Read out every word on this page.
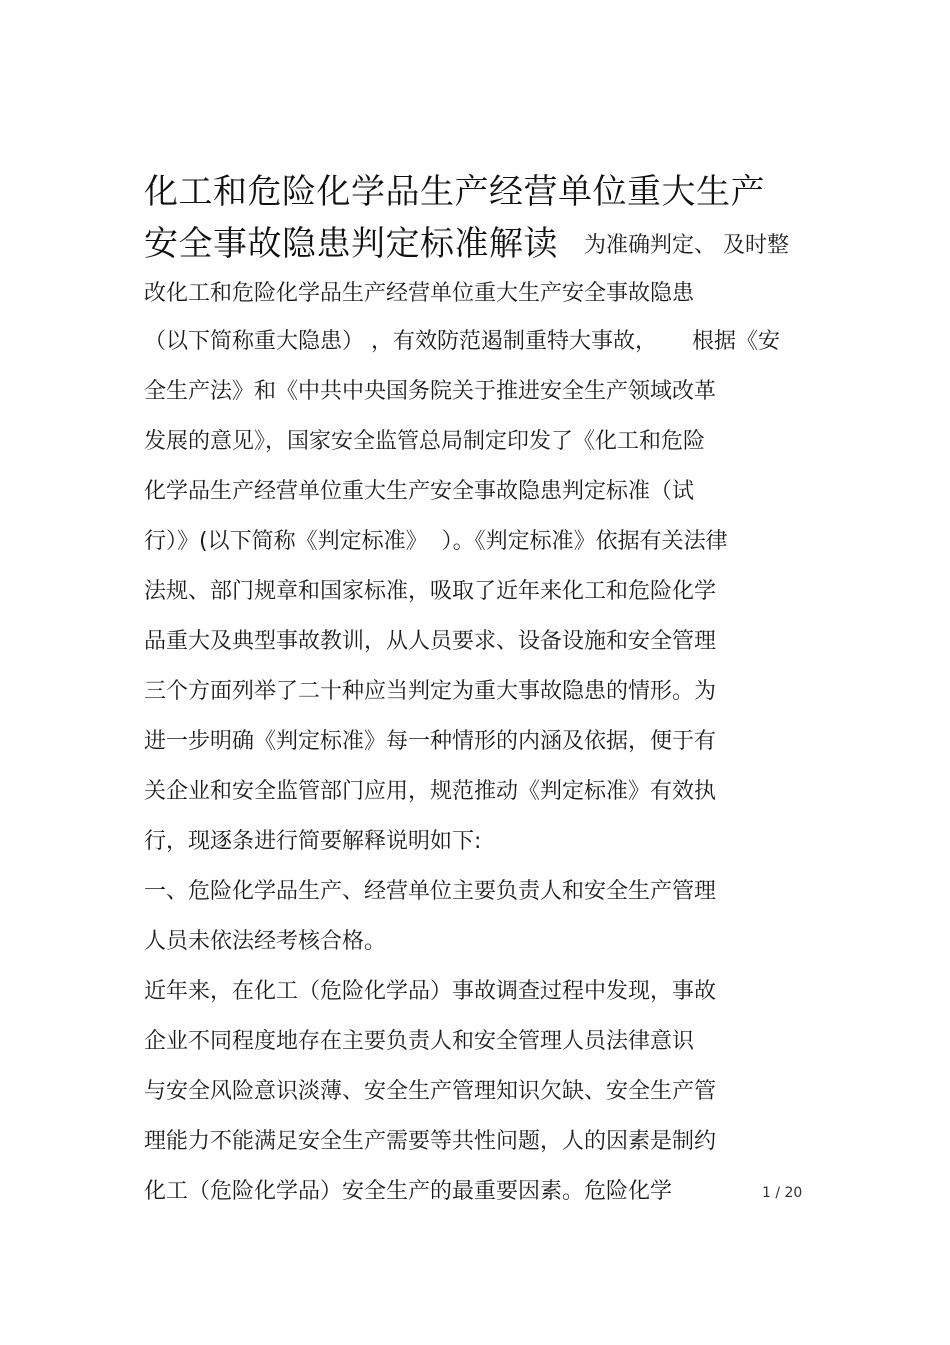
化工和危险化学品生产经营单位重大生产
安全事故隐患判定标准解读 为准确判定、 及时整
改化工和危险化学品生产经营单位重大生产安全事故隐患
（以下简称重大隐患） ，有效防范遏制重特大事故，     根据《安
全生产法》和《中共中央国务院关于推进安全生产领域改革
发展的意见》，国家安全监管总局制定印发了《化工和危险
化学品生产经营单位重大生产安全事故隐患判定标准（试
行）》(以下简称《判定标准》  ）。《判定标准》依据有关法律
法规、部门规章和国家标准，吸取了近年来化工和危险化学
品重大及典型事故教训，从人员要求、设备设施和安全管理
三个方面列举了二十种应当判定为重大事故隐患的情形。为
进一步明确《判定标准》每一种情形的内涵及依据，便于有
关企业和安全监管部门应用，规范推动《判定标准》有效执
行，现逐条进行简要解释说明如下:
一、危险化学品生产、经营单位主要负责人和安全生产管理
人员未依法经考核合格。
近年来，在化工（危险化学品）事故调查过程中发现，事故
企业不同程度地存在主要负责人和安全管理人员法律意识
与安全风险意识淡薄、安全生产管理知识欠缺、安全生产管
理能力不能满足安全生产需要等共性问题，人的因素是制约
化工（危险化学品）安全生产的最重要因素。危险化学	1 / 20
